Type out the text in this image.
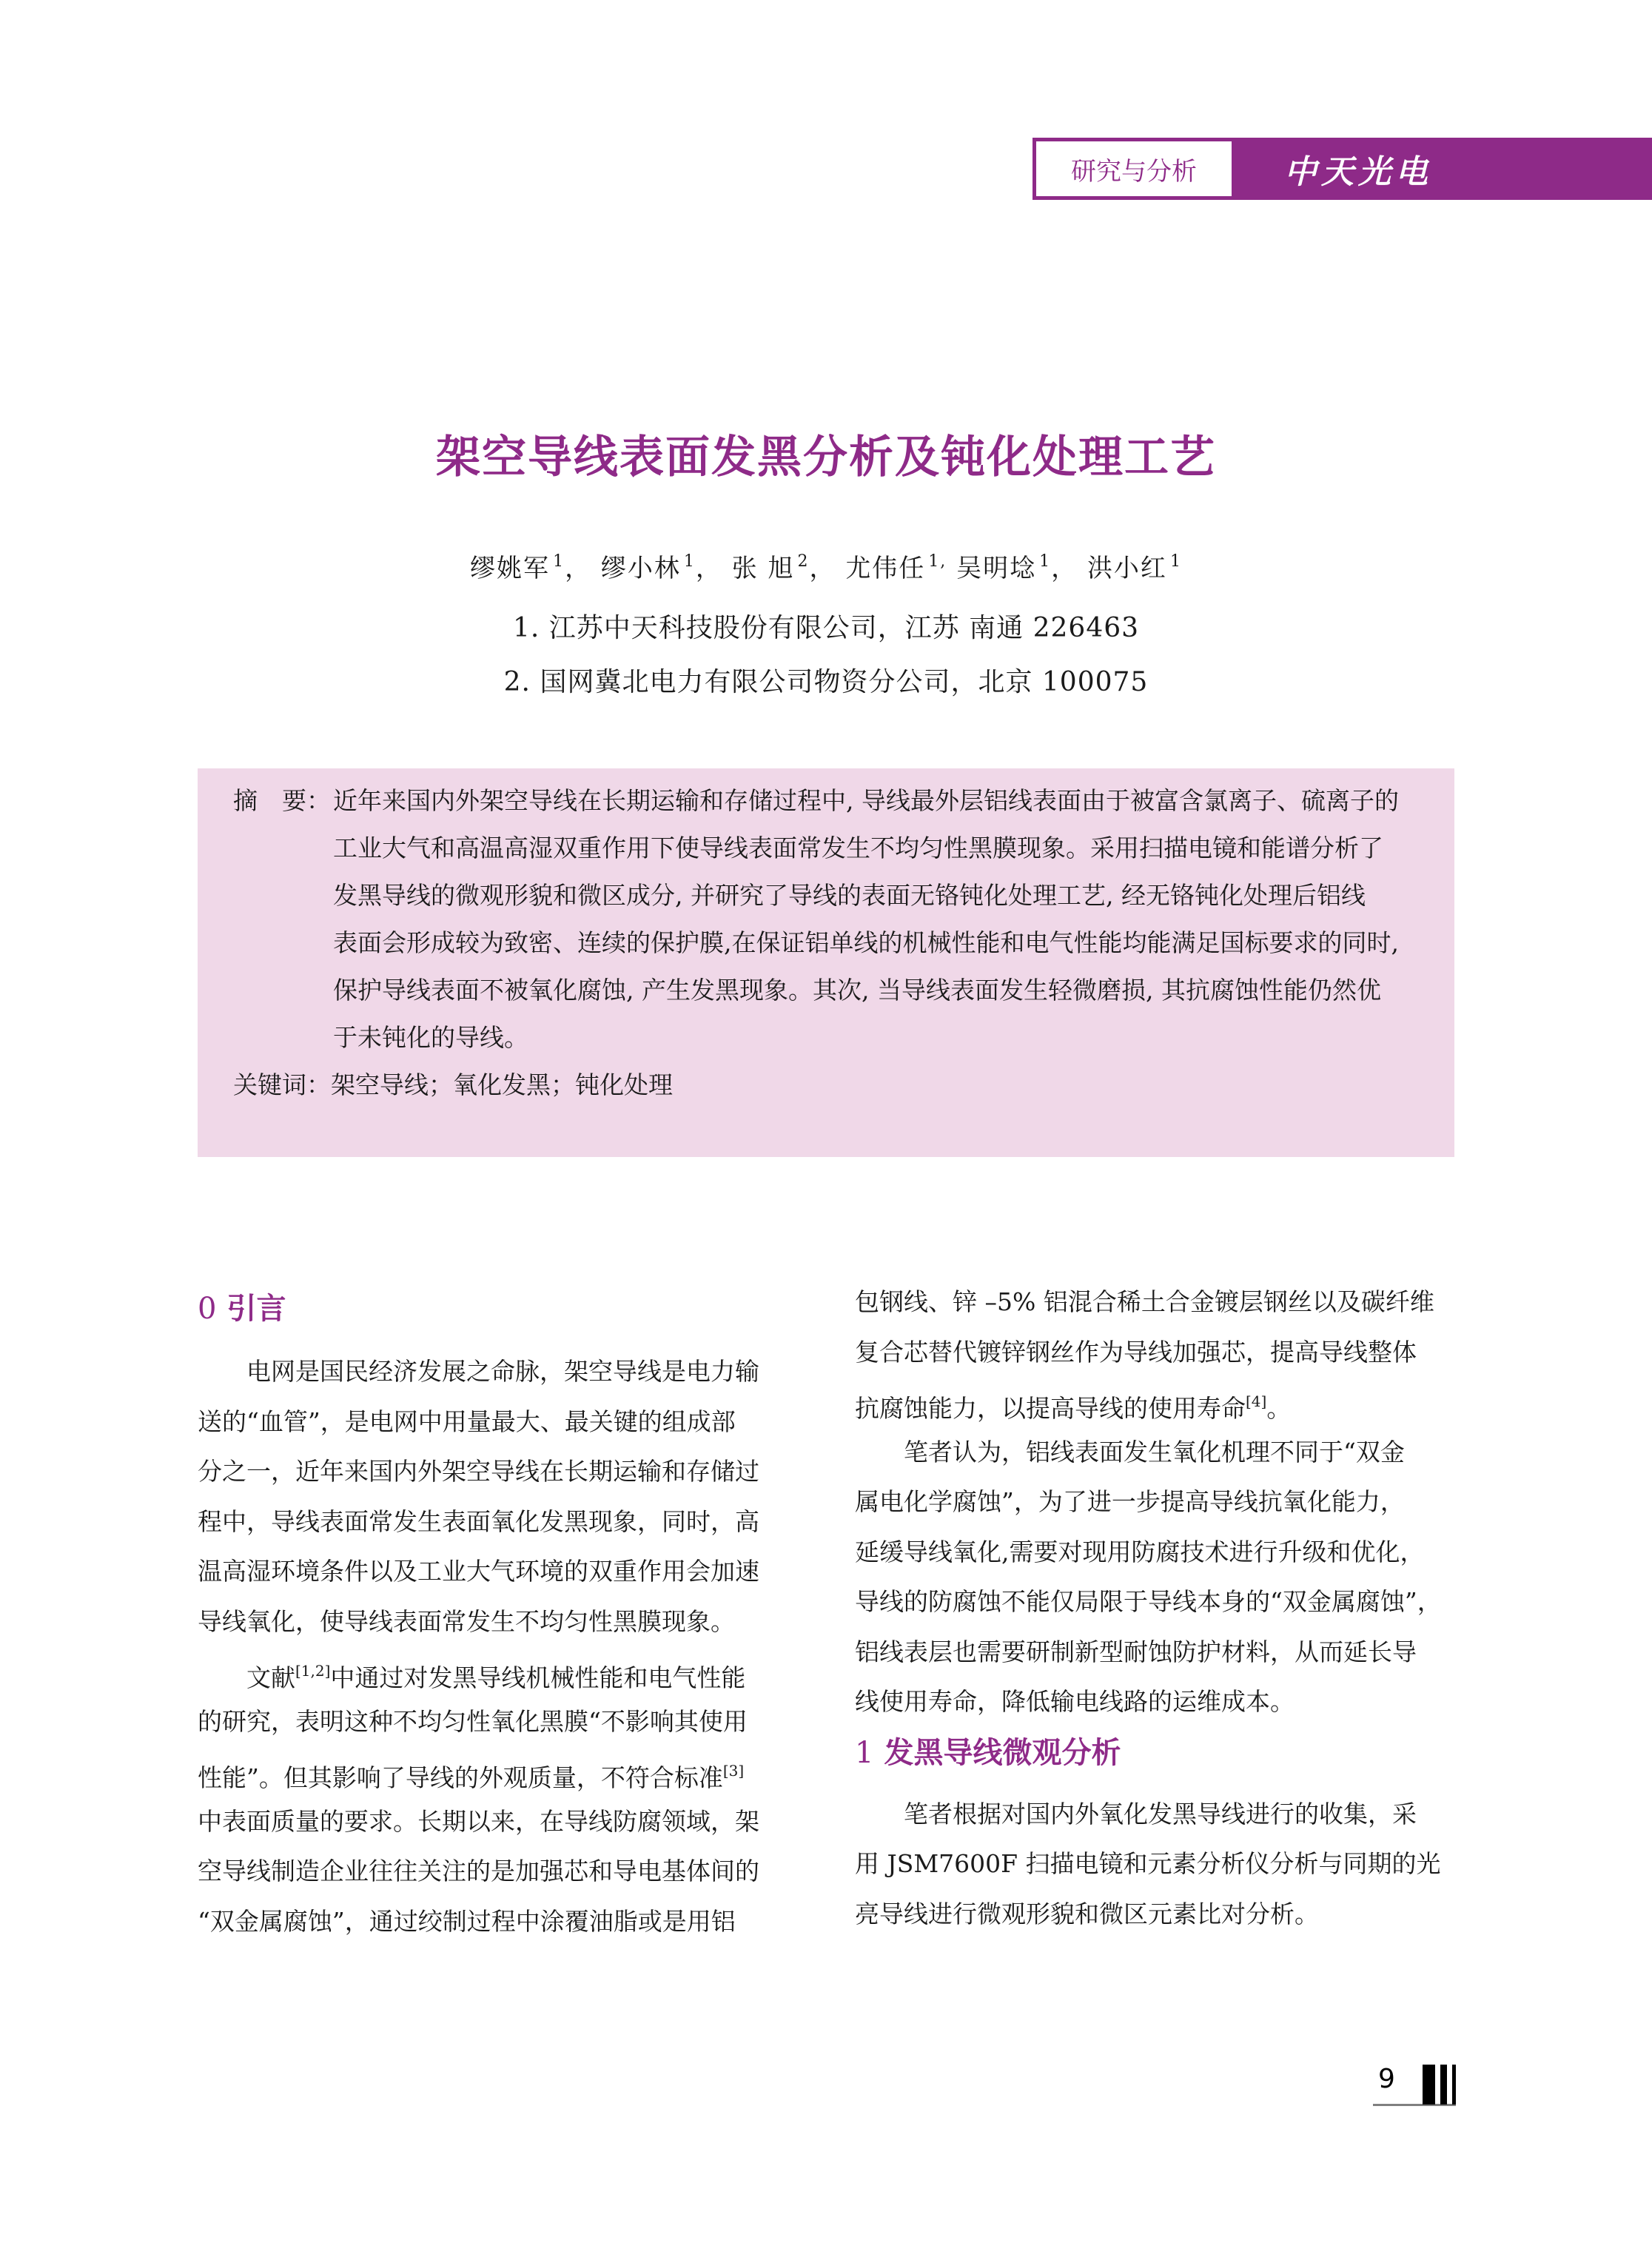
研究与分析	中天光电
架空导线表面发黑分析及钝化处理工艺
缪姚军 $^1$， 缪小林 $^1$， 张 旭 $^2$， 尤伟任 $^{1,}$ 吴明埝 $^1$， 洪小红 $^1$
1. 江苏中天科技股份有限公司，江苏 南通 226463
2. 国网冀北电力有限公司物资分公司，北京 100075
摘　要： 近年来国内外架空导线在长期运输和存储过程中, 导线最外层铝线表面由于被富含氯离子、硫离子的
工业大气和高温高湿双重作用下使导线表面常发生不均匀性黑膜现象。采用扫描电镜和能谱分析了
发黑导线的微观形貌和微区成分, 并研究了导线的表面无铬钝化处理工艺, 经无铬钝化处理后铝线
表面会形成较为致密、连续的保护膜,在保证铝单线的机械性能和电气性能均能满足国标要求的同时,
保护导线表面不被氧化腐蚀, 产生发黑现象。其次, 当导线表面发生轻微磨损, 其抗腐蚀性能仍然优
于未钝化的导线。
关键词：架空导线；氧化发黑；钝化处理
0 引言
电网是国民经济发展之命脉，架空导线是电力输
送的“血管”，是电网中用量最大、最关键的组成部
分之一，近年来国内外架空导线在长期运输和存储过
程中，导线表面常发生表面氧化发黑现象，同时，高
温高湿环境条件以及工业大气环境的双重作用会加速
导线氧化，使导线表面常发生不均匀性黑膜现象。
文献[1,2]中通过对发黑导线机械性能和电气性能
的研究，表明这种不均匀性氧化黑膜“不影响其使用
性能”。但其影响了导线的外观质量，不符合标准[3]
中表面质量的要求。长期以来，在导线防腐领域，架
空导线制造企业往往关注的是加强芯和导电基体间的
“双金属腐蚀”，通过绞制过程中涂覆油脂或是用铝
包钢线、锌 –5% 铝混合稀土合金镀层钢丝以及碳纤维
复合芯替代镀锌钢丝作为导线加强芯，提高导线整体
抗腐蚀能力，以提高导线的使用寿命[4]。
笔者认为，铝线表面发生氧化机理不同于“双金
属电化学腐蚀”，为了进一步提高导线抗氧化能力，
延缓导线氧化,需要对现用防腐技术进行升级和优化，
导线的防腐蚀不能仅局限于导线本身的“双金属腐蚀”，
铝线表层也需要研制新型耐蚀防护材料，从而延长导
线使用寿命，降低输电线路的运维成本。
1 发黑导线微观分析
笔者根据对国内外氧化发黑导线进行的收集，采
用 JSM7600F 扫描电镜和元素分析仪分析与同期的光
亮导线进行微观形貌和微区元素比对分析。
9
